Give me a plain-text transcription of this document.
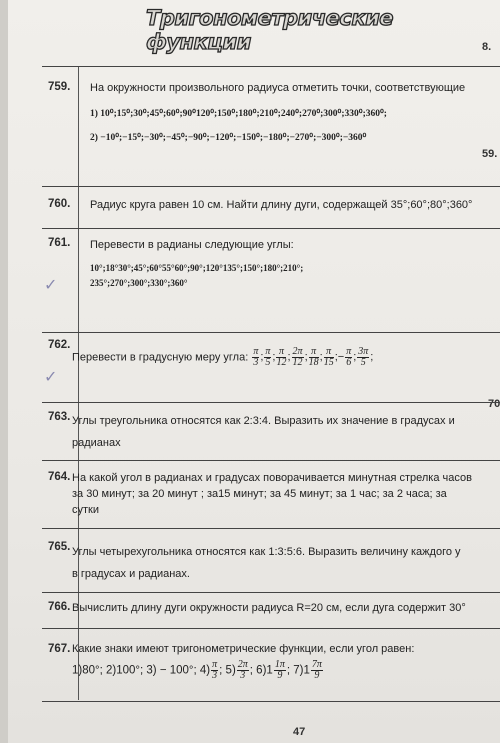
Тригонометрические функции	8.
59.
70
759. На окружности произвольного радиуса отметить точки, соответствующие
1) 10⁰;15⁰;30⁰;45⁰;60⁰;90⁰120⁰;150⁰;180⁰;210⁰;240⁰;270⁰;300⁰;330⁰;360⁰;
2) −10⁰;−15⁰;−30⁰;−45⁰;−90⁰;−120⁰;−150⁰;−180⁰;−270⁰;−300⁰;−360⁰
760. Радиус круга равен 10 см. Найти длину дуги, содержащей 35°;60°;80°;360°
761. Перевести в радианы следующие углы:
10°;18°30°;45°;60°55°60°;90°;120°135°;150°;180°;210°;
235°;270°;300°;330°;360°
✓
762.
Перевести в градусную меру угла: $\frac{\pi}{3}$ ; $\frac{\pi}{5}$ ; $\frac{\pi}{12}$ ; $\frac{2\pi}{12}$ ; $\frac{\pi}{18}$ ; $\frac{\pi}{15}$ ;− $\frac{\pi}{6}$ ; $\frac{3\pi}{5}$ ;
✓
763. Углы треугольника относятся как 2:3:4. Выразить их значение в градусах и
радианах
764. На какой угол в радианах и градусах поворачивается минутная стрелка часов
за 30 минут; за 20 минут ; за15 минут; за 45 минут; за 1 час; за 2 часа; за
сутки
765. Углы четырехугольника относятся как 1:3:5:6. Выразить величину каждого у
в градусах и радианах.
766. Вычислить длину дуги окружности радиуса R=20 см, если дуга содержит 30°
767. Какие знаки имеют тригонометрические функции, если угол равен:
1)80°; 2)100°; 3) − 100°; $4) \frac{\pi}{3}$ ; $5) \frac{2\pi}{3}$ ; $6)1 \frac{1\pi}{9}$ ; $7)1 \frac{7\pi}{9}$
47
